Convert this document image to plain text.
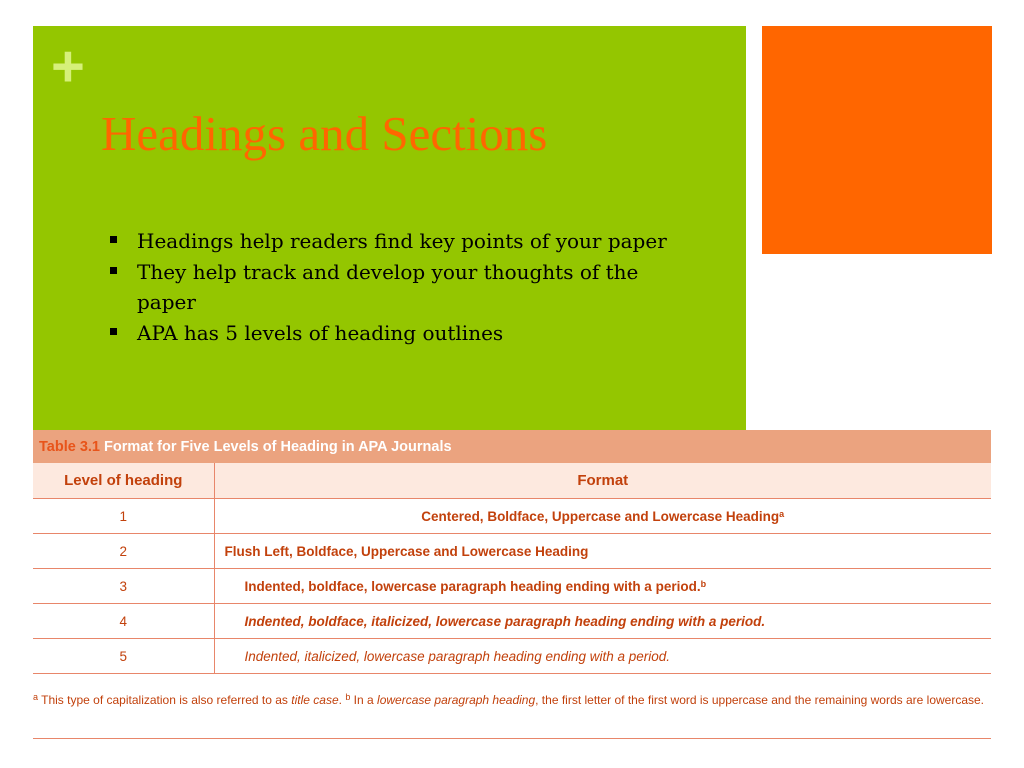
+
Headings and Sections
Headings help readers find key points of your paper
They help track and develop your thoughts of the paper
APA has 5 levels of heading outlines
Table 3.1 Format for Five Levels of Heading in APA Journals
Level of heading	Format
1	Centered, Boldface, Uppercase and Lowercase Heading$^a$
2	Flush Left, Boldface, Uppercase and Lowercase Heading
3	Indented, boldface, lowercase paragraph heading ending with a period.$^b$
4	Indented, boldface, italicized, lowercase paragraph heading ending with a period.
5	Indented, italicized, lowercase paragraph heading ending with a period.
$^a$ This type of capitalization is also referred to as title case. $^b$ In a lowercase paragraph heading, the first letter of the first word is uppercase and the remaining words are lowercase.
